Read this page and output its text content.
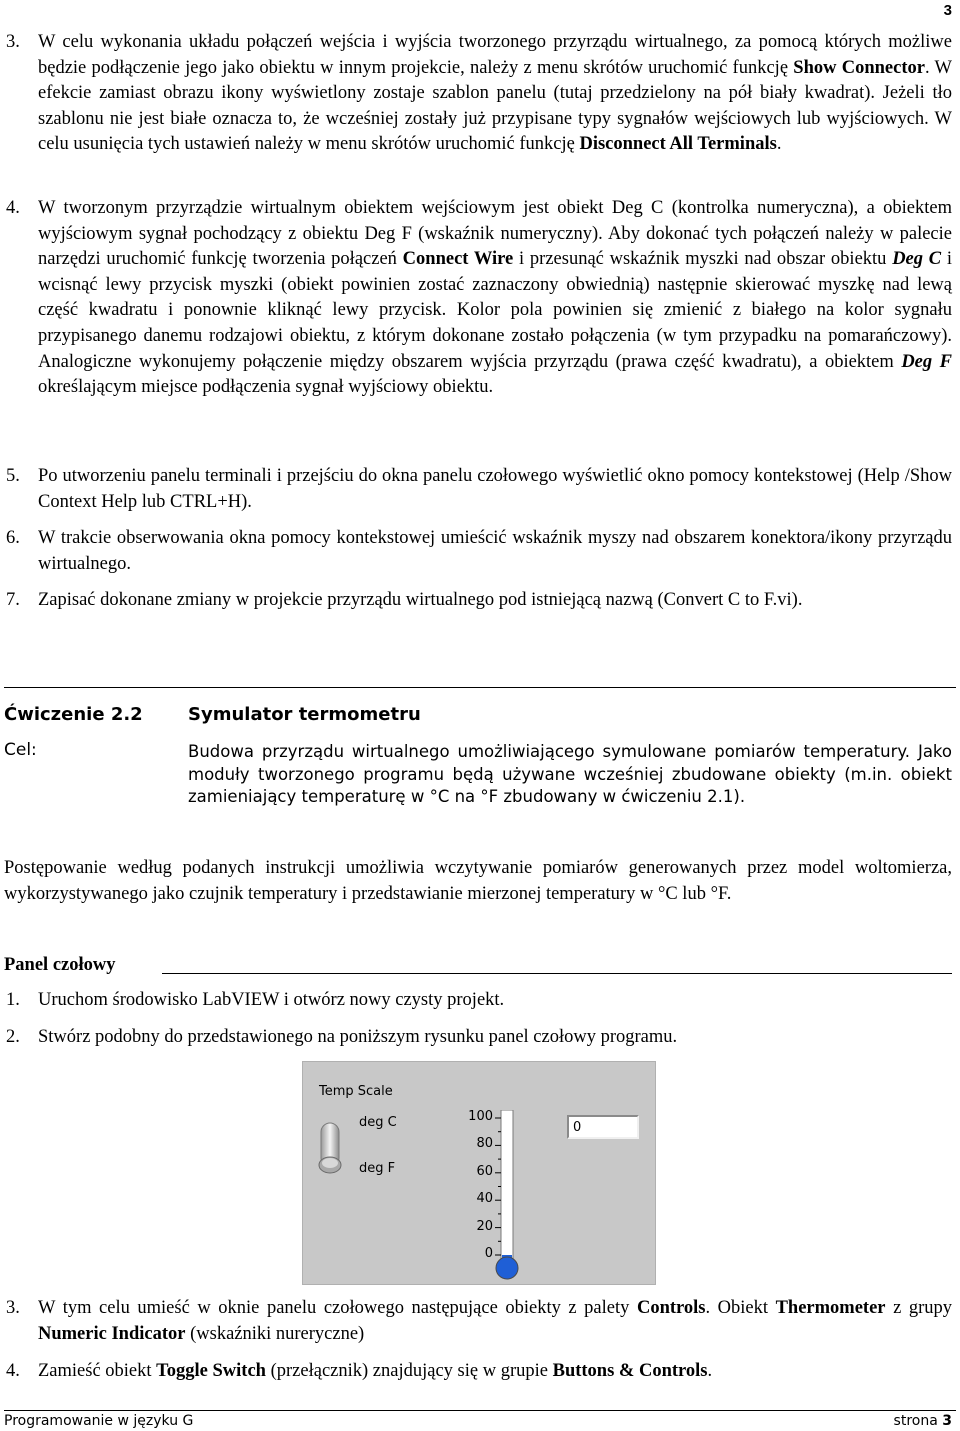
3
3. W celu wykonania układu połączeń wejścia i wyjścia tworzonego przyrządu wirtualnego, za pomocą których możliwe będzie podłączenie jego jako obiektu w innym projekcie, należy z menu skrótów uruchomić funkcję Show Connector. W efekcie zamiast obrazu ikony wyświetlony zostaje szablon panelu (tutaj przedzielony na pół biały kwadrat). Jeżeli tło szablonu nie jest białe oznacza to, że wcześniej zostały już przypisane typy sygnałów wejściowych lub wyjściowych. W celu usunięcia tych ustawień należy w menu skrótów uruchomić funkcję Disconnect All Terminals.
4. W tworzonym przyrządzie wirtualnym obiektem wejściowym jest obiekt Deg C (kontrolka numeryczna), a obiektem wyjściowym sygnał pochodzący z obiektu Deg F (wskaźnik numeryczny). Aby dokonać tych połączeń należy w palecie narzędzi uruchomić funkcję tworzenia połączeń Connect Wire i przesunąć wskaźnik myszki nad obszar obiektu Deg C i wcisnąć lewy przycisk myszki (obiekt powinien zostać zaznaczony obwiednią) następnie skierować myszkę nad lewą część kwadratu i ponownie kliknąć lewy przycisk. Kolor pola powinien się zmienić z białego na kolor sygnału przypisanego danemu rodzajowi obiektu, z którym dokonane zostało połączenia (w tym przypadku na pomarańczowy). Analogiczne wykonujemy połączenie między obszarem wyjścia przyrządu (prawa część kwadratu), a obiektem Deg F określającym miejsce podłączenia sygnał wyjściowy obiektu.
5. Po utworzeniu panelu terminali i przejściu do okna panelu czołowego wyświetlić okno pomocy kontekstowej (Help /Show Context Help lub CTRL+H).
6. W trakcie obserwowania okna pomocy kontekstowej umieścić wskaźnik myszy nad obszarem konektora/ikony przyrządu wirtualnego.
7. Zapisać dokonane zmiany w projekcie przyrządu wirtualnego pod istniejącą nazwą (Convert C to F.vi).
Ćwiczenie 2.2	Symulator termometru
Cel:	Budowa przyrządu wirtualnego umożliwiającego symulowane pomiarów temperatury. Jako moduły tworzonego programu będą używane wcześniej zbudowane obiekty (m.in. obiekt zamieniający temperaturę w °C na °F zbudowany w ćwiczeniu 2.1).
Postępowanie według podanych instrukcji umożliwia wczytywanie pomiarów generowanych przez model woltomierza, wykorzystywanego jako czujnik temperatury i przedstawianie mierzonej temperatury w °C lub °F.
Panel czołowy
1. Uruchom środowisko LabVIEW i otwórz nowy czysty projekt.
2. Stwórz podobny do przedstawionego na poniższym rysunku panel czołowy programu.
Temp Scale
deg C
deg F
100
80
60
40
20
0
0
3. W tym celu umieść w oknie panelu czołowego następujące obiekty z palety Controls. Obiekt Thermometer z grupy Numeric Indicator (wskaźniki nureryczne)
4. Zamieść obiekt Toggle Switch (przełącznik) znajdujący się w grupie Buttons & Controls.
Programowanie w języku G	strona 3
